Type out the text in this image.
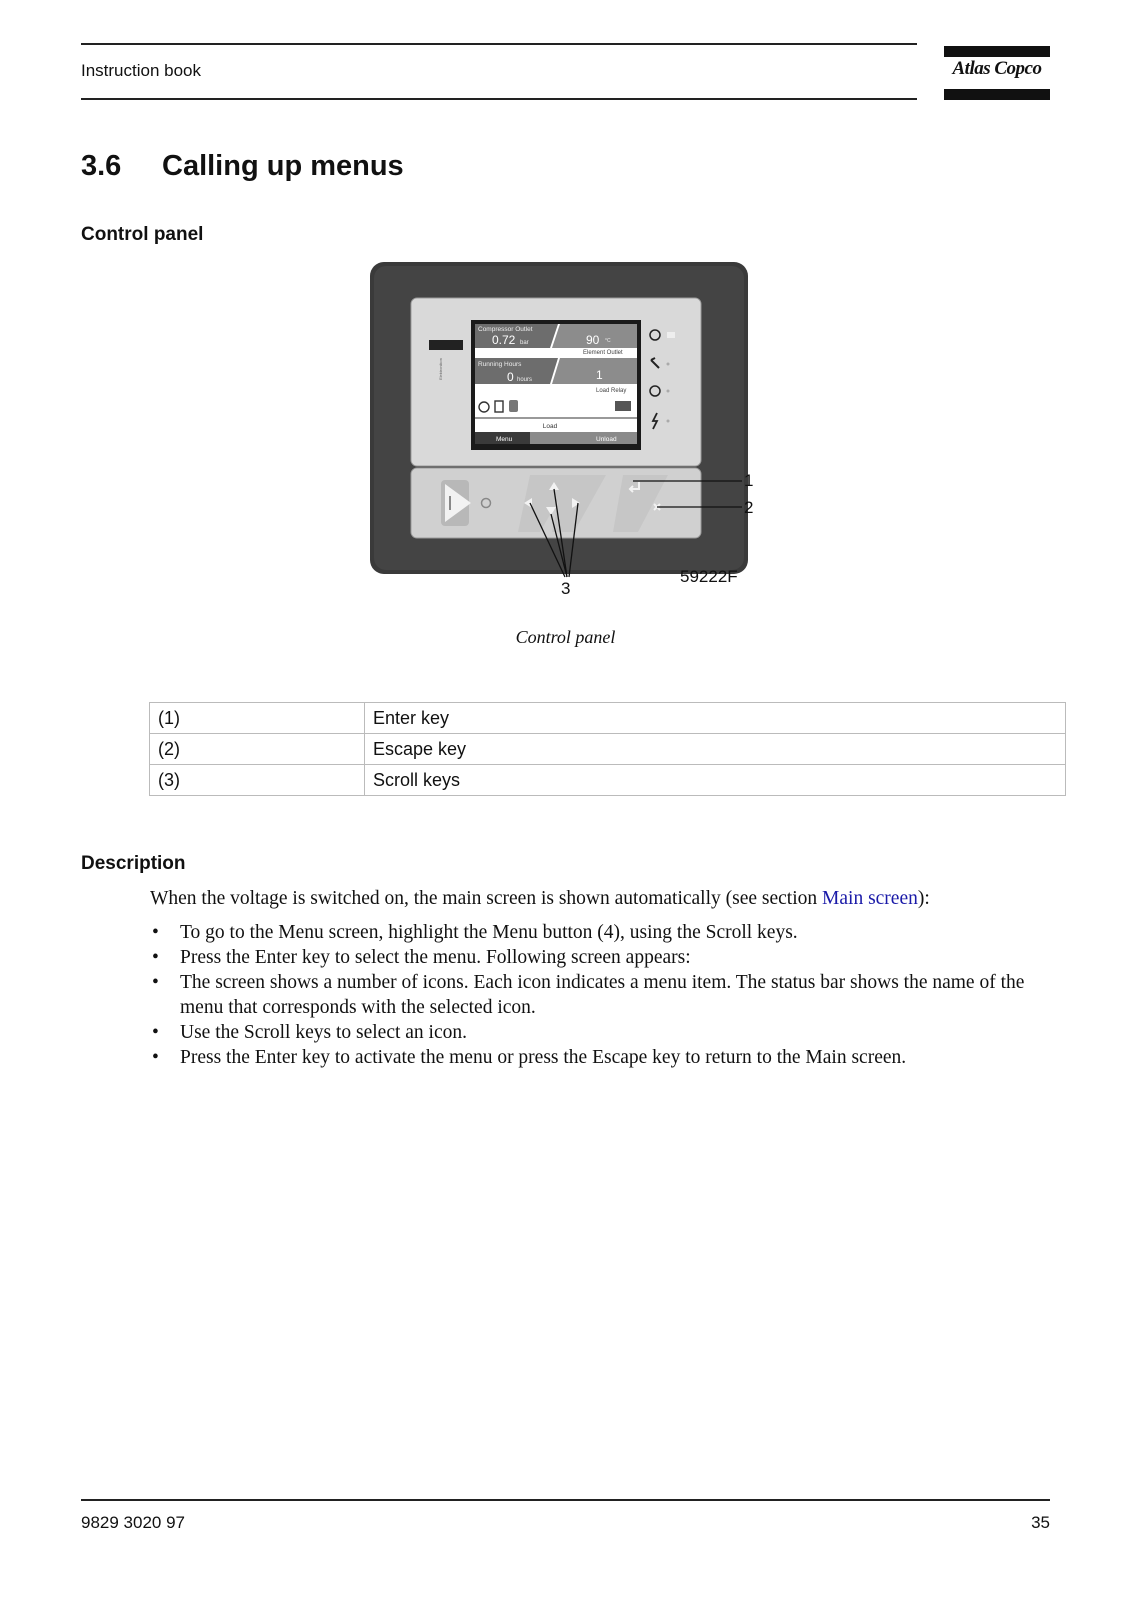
Instruction book	Atlas Copco
3.6 Calling up menus
Control panel
Elektronikon
Compressor Outlet
0.72 bar	90 °C
Element Outlet
Running Hours
0 hours	1
Load Relay
Load
Menu	Unload
1
2
3
59222F
Control panel
(1)	Enter key
(2)	Escape key
(3)	Scroll keys
Description
When the voltage is switched on, the main screen is shown automatically (see section Main screen):
• To go to the Menu screen, highlight the Menu button (4), using the Scroll keys.
• Press the Enter key to select the menu. Following screen appears:
• The screen shows a number of icons. Each icon indicates a menu item. The status bar shows the name of the menu that corresponds with the selected icon.
• Use the Scroll keys to select an icon.
• Press the Enter key to activate the menu or press the Escape key to return to the Main screen.
9829 3020 97	35
